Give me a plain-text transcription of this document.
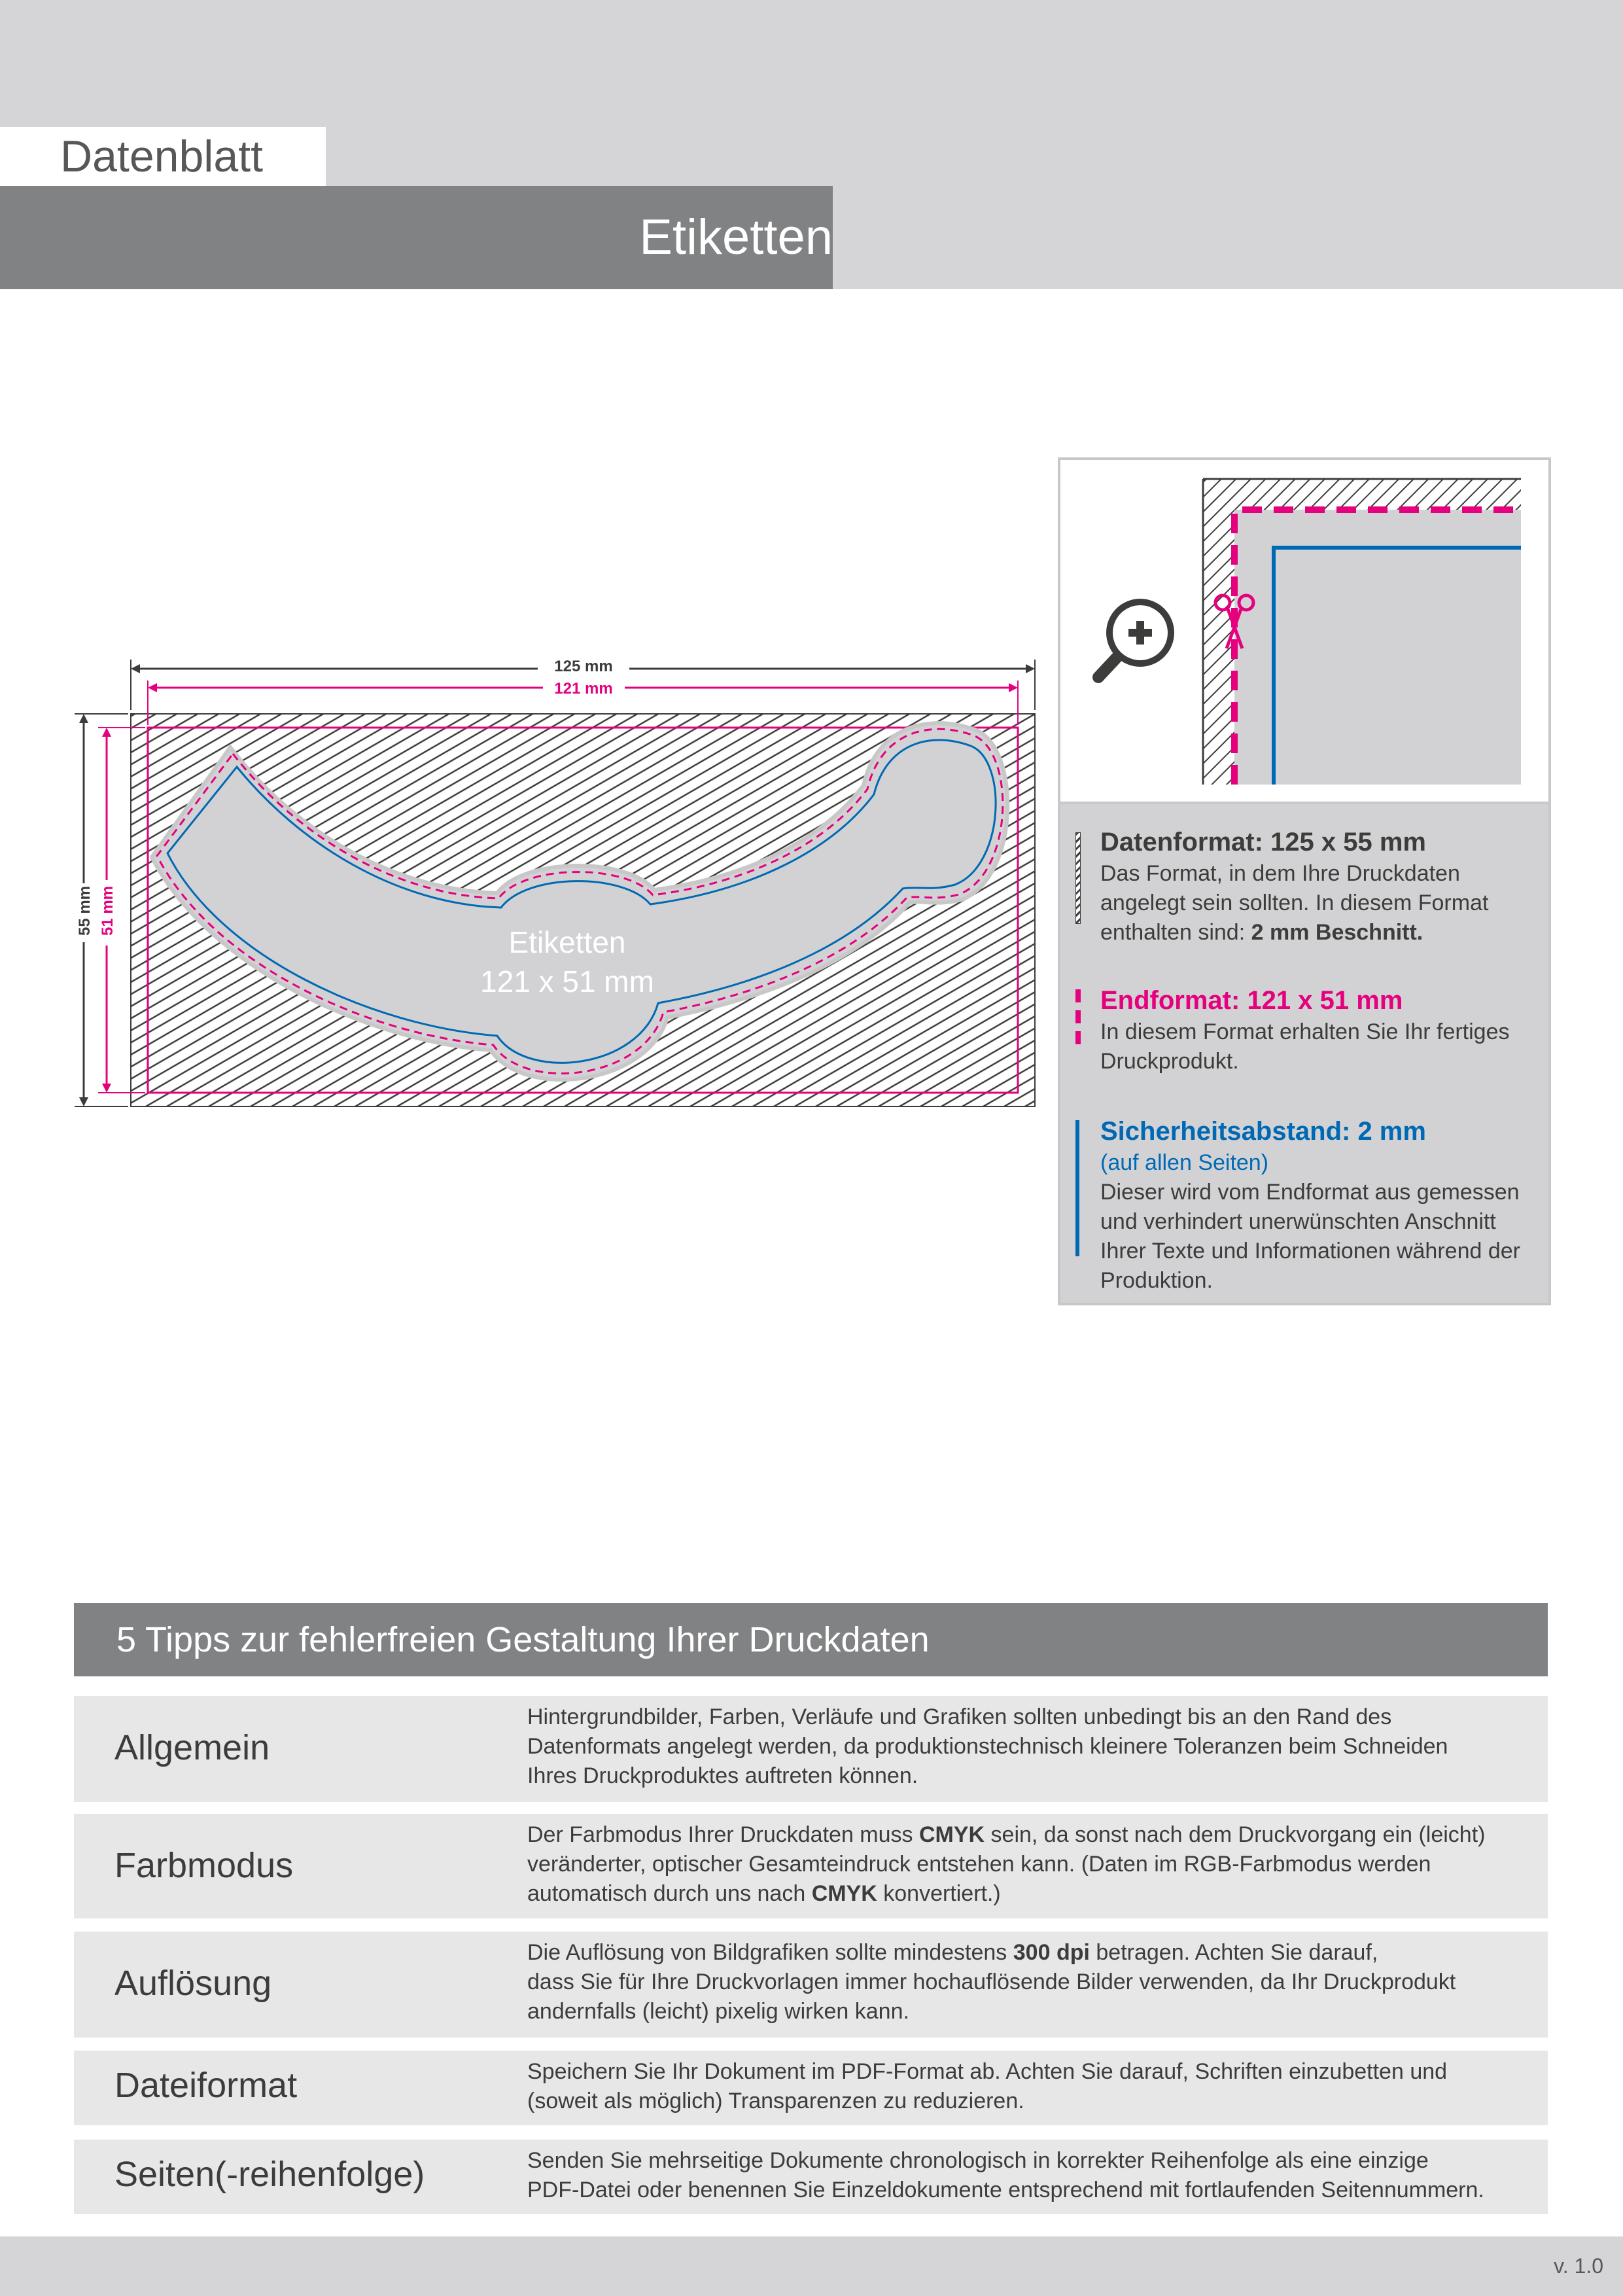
Datenblatt
Etiketten
Etiketten
121 x 51 mm
125 mm
121 mm
55 mm 51 mm
Datenformat: 125 x 55 mm
Das Format, in dem Ihre Druckdaten
angelegt sein sollten. In diesem Format
enthalten sind: 2 mm Beschnitt.
Endformat: 121 x 51 mm
In diesem Format erhalten Sie Ihr fertiges
Druckprodukt.
Sicherheitsabstand: 2 mm
(auf allen Seiten)
Dieser wird vom Endformat aus gemessen
und verhindert unerwünschten Anschnitt
Ihrer Texte und Informationen während der
Produktion.
5 Tipps zur fehlerfreien Gestaltung Ihrer Druckdaten
Allgemein
Hintergrundbilder, Farben, Verläufe und Grafiken sollten unbedingt bis an den Rand des
Datenformats angelegt werden, da produktionstechnisch kleinere Toleranzen beim Schneiden
Ihres Druckproduktes auftreten können.
Farbmodus
Der Farbmodus Ihrer Druckdaten muss CMYK sein, da sonst nach dem Druckvorgang ein (leicht)
veränderter, optischer Gesamteindruck entstehen kann. (Daten im RGB-Farbmodus werden
automatisch durch uns nach CMYK konvertiert.)
Auflösung
Die Auflösung von Bildgrafiken sollte mindestens 300 dpi betragen. Achten Sie darauf,
dass Sie für Ihre Druckvorlagen immer hochauflösende Bilder verwenden, da Ihr Druckprodukt
andernfalls (leicht) pixelig wirken kann.
Dateiformat	Speichern Sie Ihr Dokument im PDF-Format ab. Achten Sie darauf, Schriften einzubetten und
(soweit als möglich) Transparenzen zu reduzieren.
Seiten(-reihenfolge)	Senden Sie mehrseitige Dokumente chronologisch in korrekter Reihenfolge als eine einzige
PDF-Datei oder benennen Sie Einzeldokumente entsprechend mit fortlaufenden Seitennummern.
v. 1.0
